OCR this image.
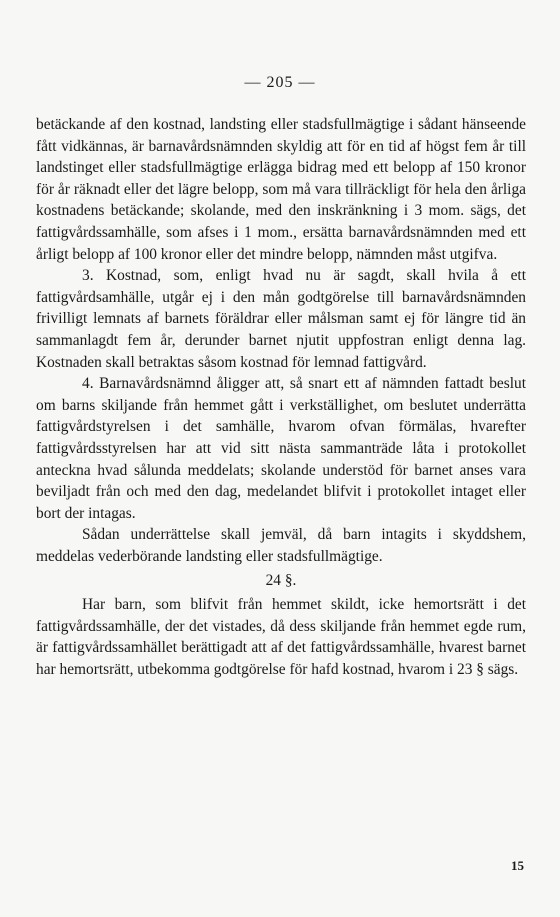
— 205 —

betäckande af den kostnad, landsting eller stadsfullmägtige i sådant hänseende fått vidkännas, är barnavårdsnämnden skyldig att för en tid af högst fem år till landstinget eller stadsfullmägtige erlägga bidrag med ett belopp af 150 kronor för år räknadt eller det lägre belopp, som må vara tillräckligt för hela den årliga kostnadens betäckande; skolande, med den inskränkning i 3 mom. sägs, det fattigvårdssamhälle, som afses i 1 mom., ersätta barnavårdsnämnden med ett årligt belopp af 100 kronor eller det mindre belopp, nämnden måst utgifva.

3. Kostnad, som, enligt hvad nu är sagdt, skall hvila å ett fattigvårdsamhälle, utgår ej i den mån godtgörelse till barnavårdsnämnden frivilligt lemnats af barnets föräldrar eller målsman samt ej för längre tid än sammanlagdt fem år, derunder barnet njutit uppfostran enligt denna lag. Kostnaden skall betraktas såsom kostnad för lemnad fattigvård.

4. Barnavårdsnämnd åligger att, så snart ett af nämnden fattadt beslut om barns skiljande från hemmet gått i verkställighet, om beslutet underrätta fattigvårdstyrelsen i det samhälle, hvarom ofvan förmälas, hvarefter fattigvårdsstyrelsen har att vid sitt nästa sammanträde låta i protokollet anteckna hvad sålunda meddelats; skolande understöd för barnet anses vara beviljadt från och med den dag, medelandet blifvit i protokollet intaget eller bort der intagas.

Sådan underrättelse skall jemväl, då barn intagits i skyddshem, meddelas vederbörande landsting eller stadsfullmägtige.

24 §.

Har barn, som blifvit från hemmet skildt, icke hemortsrätt i det fattigvårdssamhälle, der det vistades, då dess skiljande från hemmet egde rum, är fattigvårdssamhället berättigadt att af det fattigvårdssamhälle, hvarest barnet har hemortsrätt, utbekomma godtgörelse för hafd kostnad, hvarom i 23 § sägs.

15
